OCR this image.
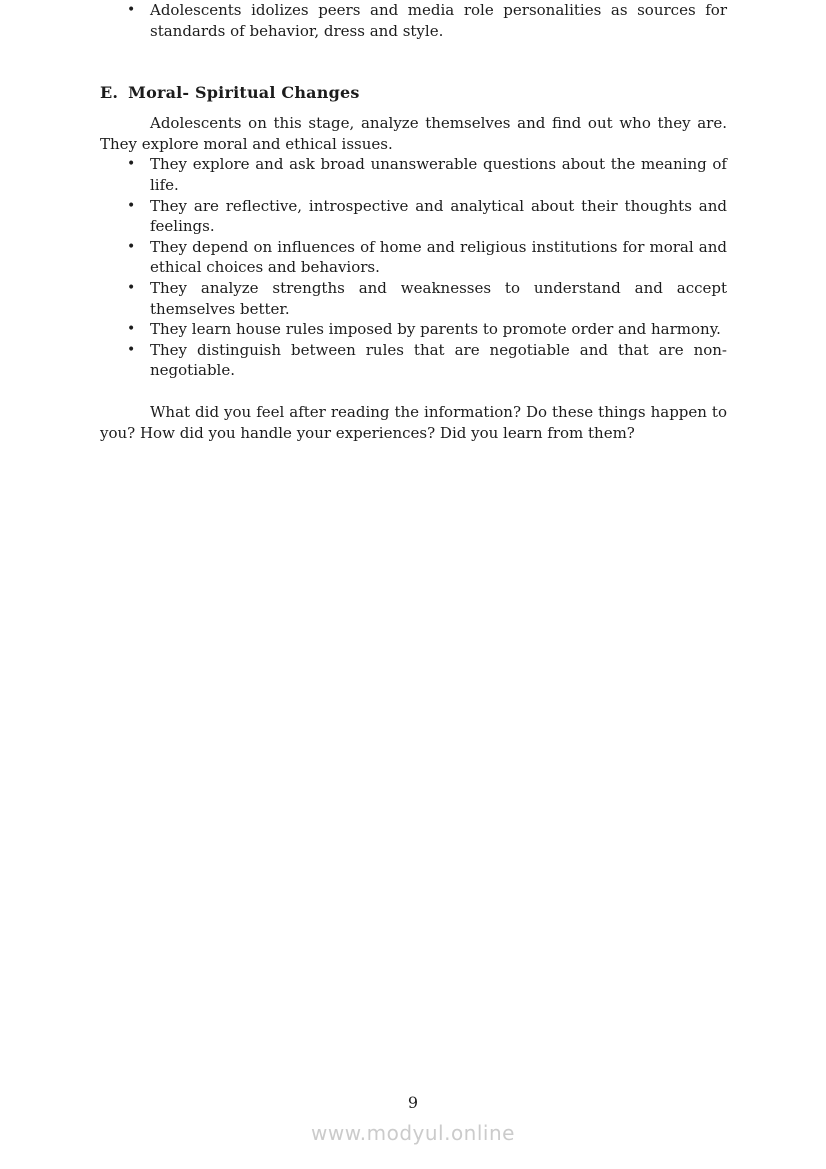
• Adolescents idolizes peers and media role personalities as sources for standards of behavior, dress and style.
E. Moral- Spiritual Changes

Adolescents on this stage, analyze themselves and find out who they are. They explore moral and ethical issues.

• They explore and ask broad unanswerable questions about the meaning of life.
• They are reflective, introspective and analytical about their thoughts and feelings.
• They depend on influences of home and religious institutions for moral and ethical choices and behaviors.
• They analyze strengths and weaknesses to understand and accept themselves better.
• They learn house rules imposed by parents to promote order and harmony.
• They distinguish between rules that are negotiable and that are non-negotiable.

What did you feel after reading the information? Do these things happen to you? How did you handle your experiences? Did you learn from them?

9
www.modyul.online
